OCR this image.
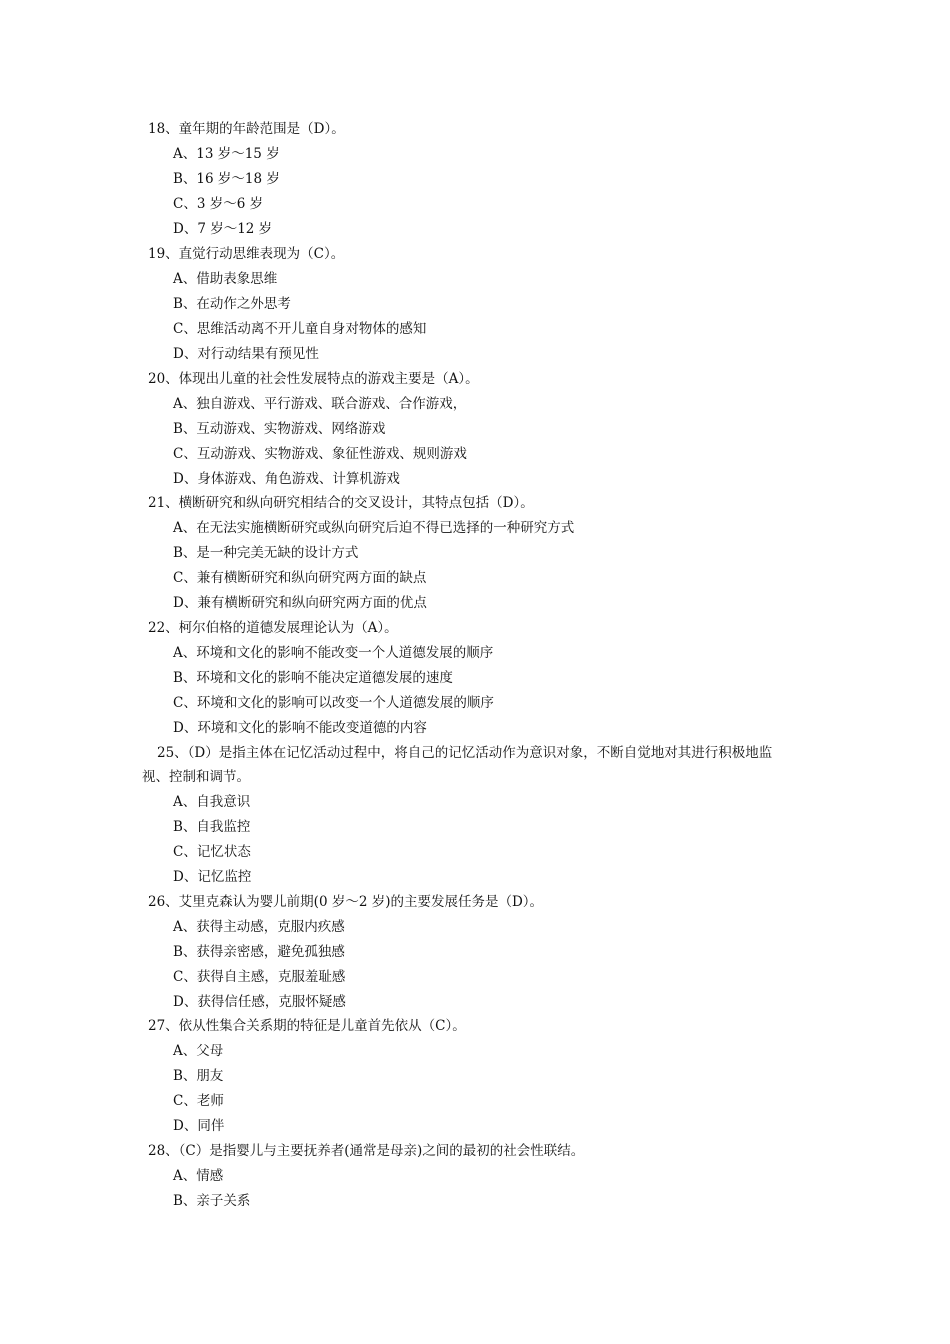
18、童年期的年龄范围是（D）。
A、13 岁～15 岁
B、16 岁～18 岁
C、3 岁～6 岁
D、7 岁～12 岁
19、直觉行动思维表现为（C）。
A、借助表象思维
B、在动作之外思考
C、思维活动离不开儿童自身对物体的感知
D、对行动结果有预见性
20、体现出儿童的社会性发展特点的游戏主要是（A）。
A、独自游戏、平行游戏、联合游戏、合作游戏，
B、互动游戏、实物游戏、网络游戏
C、互动游戏、实物游戏、象征性游戏、规则游戏
D、身体游戏、角色游戏、计算机游戏
21、横断研究和纵向研究相结合的交叉设计，其特点包括（D）。
A、在无法实施横断研究或纵向研究后迫不得已选择的一种研究方式
B、是一种完美无缺的设计方式
C、兼有横断研究和纵向研究两方面的缺点
D、兼有横断研究和纵向研究两方面的优点
22、柯尔伯格的道德发展理论认为（A）。
A、环境和文化的影响不能改变一个人道德发展的顺序
B、环境和文化的影响不能决定道德发展的速度
C、环境和文化的影响可以改变一个人道德发展的顺序
D、环境和文化的影响不能改变道德的内容
25、（D）是指主体在记忆活动过程中，将自己的记忆活动作为意识对象，不断自觉地对其进行积极地监
视、控制和调节。
A、自我意识
B、自我监控
C、记忆状态
D、记忆监控
26、艾里克森认为婴儿前期(0 岁～2 岁)的主要发展任务是（D）。
A、获得主动感，克服内疚感
B、获得亲密感，避免孤独感
C、获得自主感，克服羞耻感
D、获得信任感，克服怀疑感
27、依从性集合关系期的特征是儿童首先依从（C）。
A、父母
B、朋友
C、老师
D、同伴
28、（C）是指婴儿与主要抚养者(通常是母亲)之间的最初的社会性联结。
A、情感
B、亲子关系
